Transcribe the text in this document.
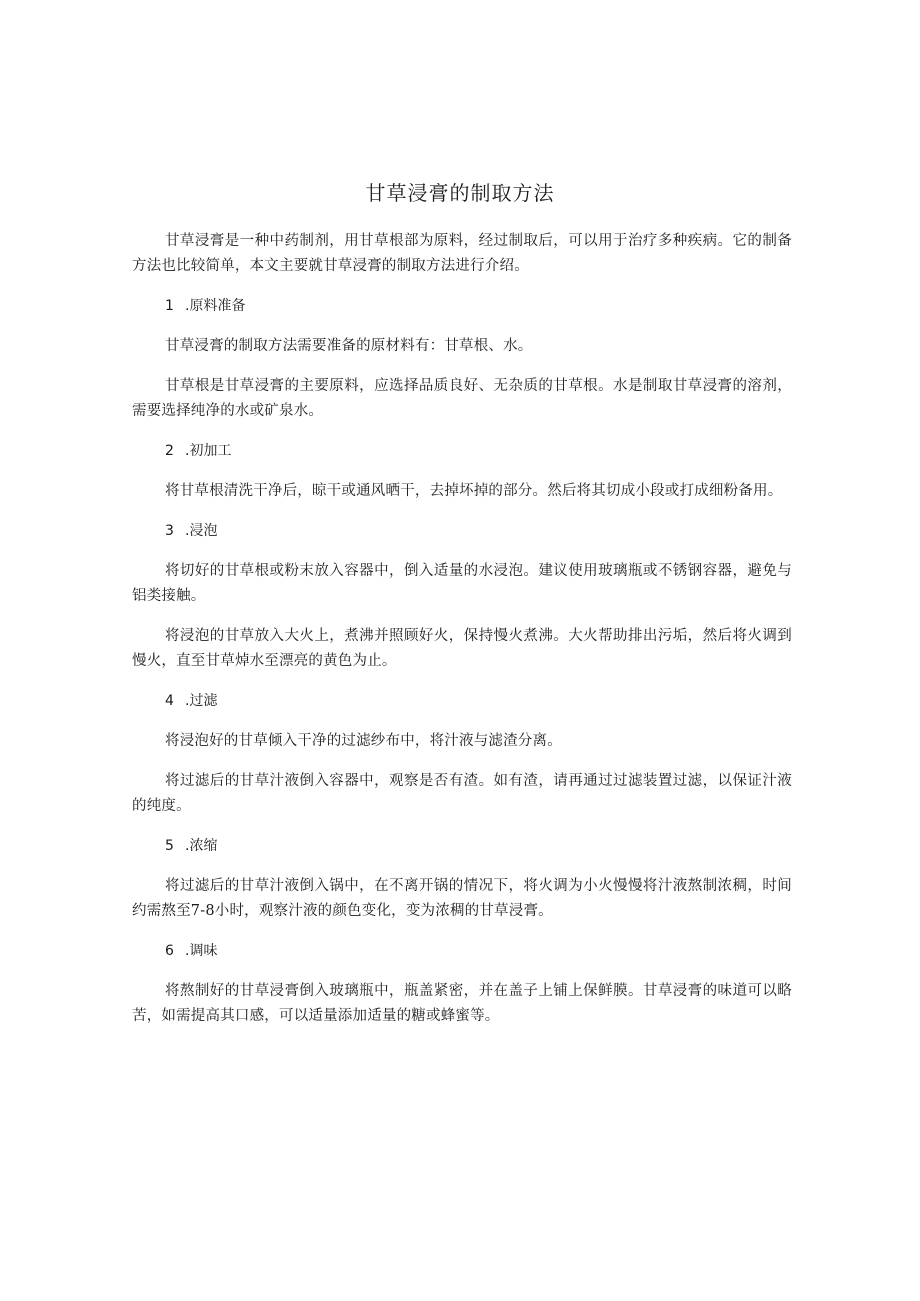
甘草浸膏的制取方法

甘草浸膏是一种中药制剂，用甘草根部为原料，经过制取后，可以用于治疗多种疾病。它的制备方法也比较简单，本文主要就甘草浸膏的制取方法进行介绍。

1 .原料准备

甘草浸膏的制取方法需要准备的原材料有：甘草根、水。

甘草根是甘草浸膏的主要原料，应选择品质良好、无杂质的甘草根。水是制取甘草浸膏的溶剂，需要选择纯净的水或矿泉水。

2 .初加工

将甘草根清洗干净后，晾干或通风晒干，去掉坏掉的部分。然后将其切成小段或打成细粉备用。

3 .浸泡

将切好的甘草根或粉末放入容器中，倒入适量的水浸泡。建议使用玻璃瓶或不锈钢容器，避免与铝类接触。

将浸泡的甘草放入大火上，煮沸并照顾好火，保持慢火煮沸。大火帮助排出污垢，然后将火调到慢火，直至甘草焯水至漂亮的黄色为止。

4 .过滤

将浸泡好的甘草倾入干净的过滤纱布中，将汁液与滤渣分离。

将过滤后的甘草汁液倒入容器中，观察是否有渣。如有渣，请再通过过滤装置过滤，以保证汁液的纯度。

5 .浓缩

将过滤后的甘草汁液倒入锅中，在不离开锅的情况下，将火调为小火慢慢将汁液熬制浓稠，时间约需熬至7-8小时，观察汁液的颜色变化，变为浓稠的甘草浸膏。

6 .调味

将熬制好的甘草浸膏倒入玻璃瓶中，瓶盖紧密，并在盖子上铺上保鲜膜。甘草浸膏的味道可以略苦，如需提高其口感，可以适量添加适量的糖或蜂蜜等。
